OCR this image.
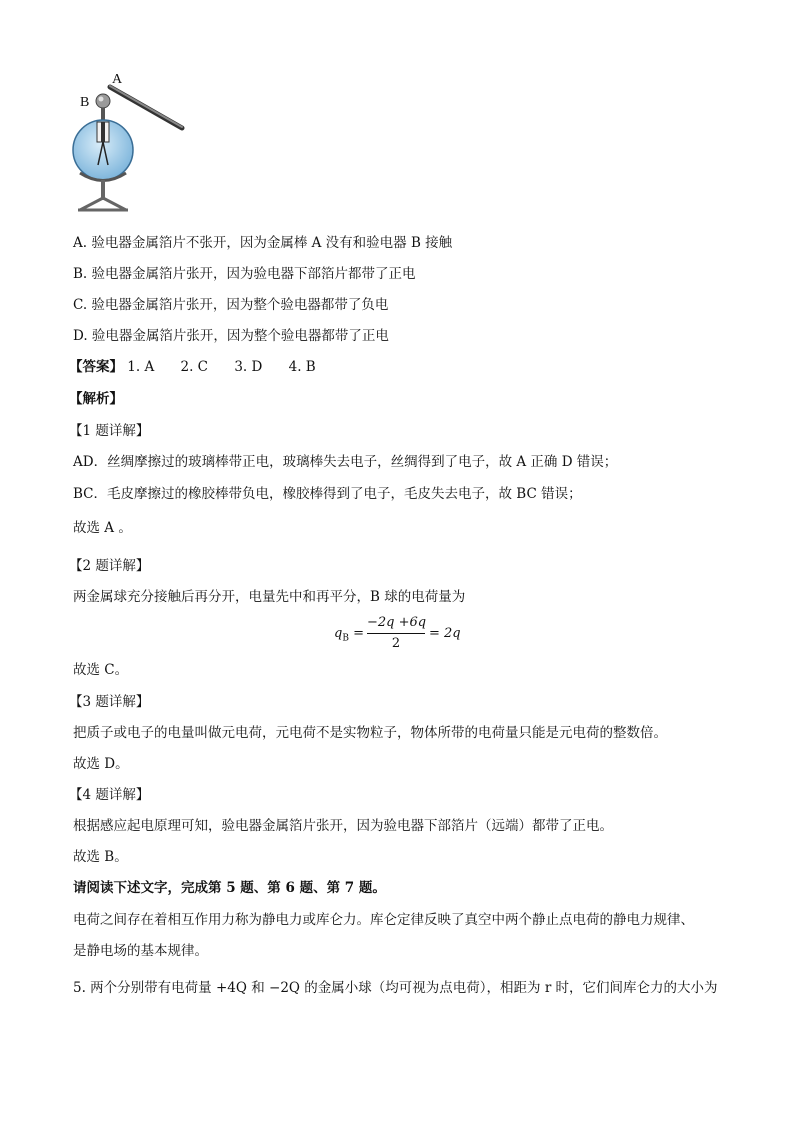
A
B
A. 验电器金属箔片不张开，因为金属棒 A 没有和验电器 B 接触
B. 验电器金属箔片张开，因为验电器下部箔片都带了正电
C. 验电器金属箔片张开，因为整个验电器都带了负电
D. 验电器金属箔片张开，因为整个验电器都带了正电
【答案】 1. A 2. C 3. D 4. B
【解析】
【1 题详解】
AD．丝绸摩擦过的玻璃棒带正电，玻璃棒失去电子，丝绸得到了电子，故 A 正确 D 错误；
BC．毛皮摩擦过的橡胶棒带负电，橡胶棒得到了电子，毛皮失去电子，故 BC 错误；
故选 A 。
【2 题详解】
两金属球充分接触后再分开，电量先中和再平分，B 球的电荷量为
$q_B$ =
−2q +6q
2
= 2q
故选 C。
【3 题详解】
把质子或电子的电量叫做元电荷，元电荷不是实物粒子，物体所带的电荷量只能是元电荷的整数倍。
故选 D。
【4 题详解】
根据感应起电原理可知，验电器金属箔片张开，因为验电器下部箔片（远端）都带了正电。
故选 B。
请阅读下述文字，完成第 5 题、第 6 题、第 7 题。
电荷之间存在着相互作用力称为静电力或库仑力。库仑定律反映了真空中两个静止点电荷的静电力规律、
是静电场的基本规律。
5. 两个分别带有电荷量 +4Q 和 −2Q 的金属小球（均可视为点电荷），相距为 r 时，它们间库仑力的大小为
